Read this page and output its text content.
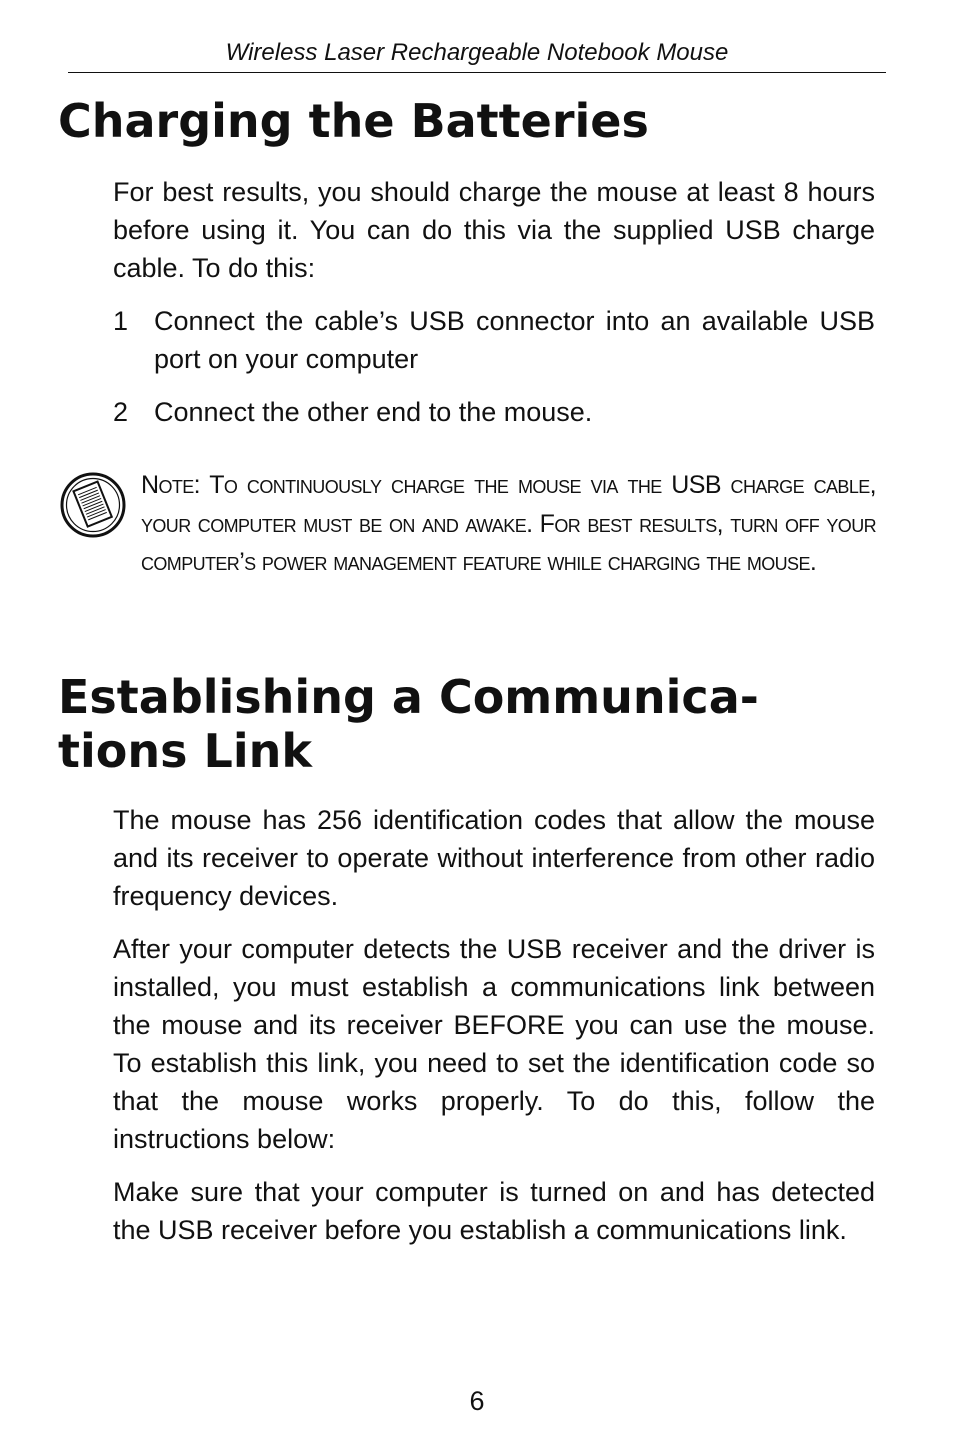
Wireless Laser Rechargeable Notebook Mouse
Charging the Batteries

For best results, you should charge the mouse at least 8 hours before using it. You can do this via the supplied USB charge cable. To do this:

1 Connect the cable’s USB connector into an available USB port on your computer
2 Connect the other end to the mouse.
Note: To continuously charge the mouse via the USB charge cable, your computer must be on and awake. For best results, turn off your computer’s power management feature while charging the mouse.
Establishing a Communica-
tions Link

The mouse has 256 identification codes that allow the mouse and its receiver to operate without interference from other radio frequency devices.

After your computer detects the USB receiver and the driver is installed, you must establish a communications link between the mouse and its receiver BEFORE you can use the mouse. To establish this link, you need to set the identification code so that the mouse works properly. To do this, follow the instructions below:

Make sure that your computer is turned on and has detected the USB receiver before you establish a communications link.

6
